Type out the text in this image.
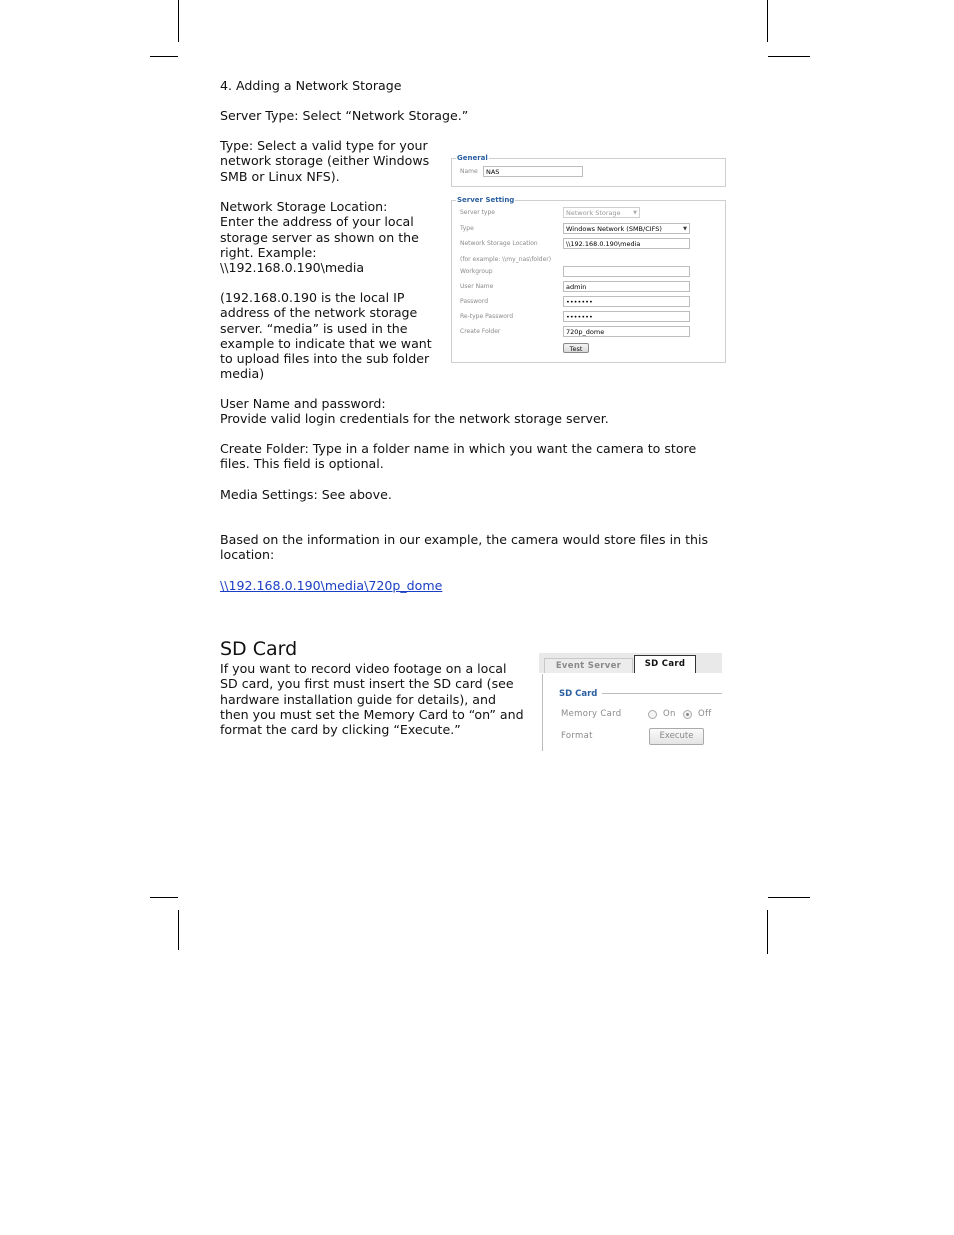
4. Adding a Network Storage
Server Type: Select “Network Storage.”

Type: Select a valid type for your

network storage (either Windows

SMB or Linux NFS).

Network Storage Location:

Enter the address of your local

storage server as shown on the

right. Example:

\\192.168.0.190\media

(192.168.0.190 is the local IP

address of the network storage

server. “media” is used in the

example to indicate that we want

to upload files into the sub folder

media)

User Name and password:

Provide valid login credentials for the network storage server.

Create Folder: Type in a folder name in which you want the camera to store

files. This field is optional.

Media Settings: See above.

Based on the information in our example, the camera would store files in this

location:

\\192.168.0.190\media\720p_dome
SD Card

If you want to record video footage on a local

SD card, you first must insert the SD card (see

hardware installation guide for details), and

then you must set the Memory Card to “on” and

format the card by clicking “Execute.”

General
Name	NAS
Server Setting
Server type	Network Storage	▼
Type	Windows Network (SMB/CIFS)	▼
Network Storage Location	\\192.168.0.190\media
(for example: \\my_nas\folder)
Workgroup
User Name	admin
Password	•••••••
Re-type Password	•••••••
Create Folder	720p_dome
Test
Event Server	SD Card
SD Card
Memory Card	On	Off
Format	Execute
